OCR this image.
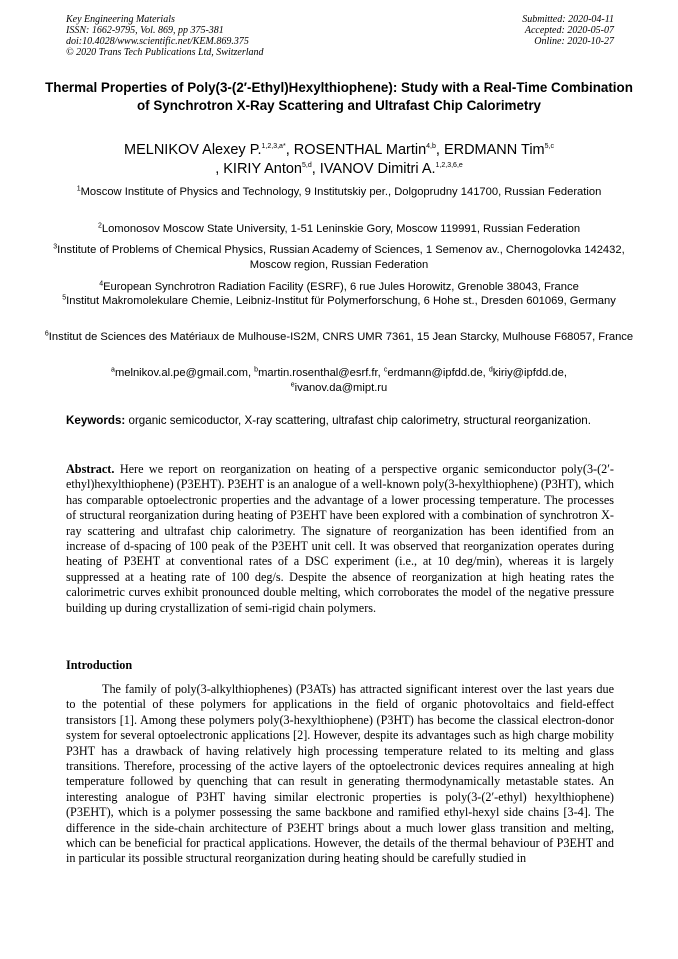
Key Engineering Materials
ISSN: 1662-9795, Vol. 869, pp 375-381
doi:10.4028/www.scientific.net/KEM.869.375
© 2020 Trans Tech Publications Ltd, Switzerland
Submitted: 2020-04-11
Accepted: 2020-05-07
Online: 2020-10-27
Thermal Properties of Poly(3-(2′-Ethyl)Hexylthiophene): Study with a Real-Time Combination of Synchrotron X-Ray Scattering and Ultrafast Chip Calorimetry
MELNIKOV Alexey P.$^{1,2,3,a*}$, ROSENTHAL Martin$^{4,b}$, ERDMANN Tim$^{5,c}$
, KIRIY Anton$^{5,d}$, IVANOV Dimitri A.$^{1,2,3,6,e}$
$^1$Moscow Institute of Physics and Technology, 9 Institutskiy per., Dolgoprudny 141700, Russian Federation
$^2$Lomonosov Moscow State University, 1-51 Leninskie Gory, Moscow 119991, Russian Federation
$^3$Institute of Problems of Chemical Physics, Russian Academy of Sciences, 1 Semenov av., Chernogolovka 142432, Moscow region, Russian Federation
$^4$European Synchrotron Radiation Facility (ESRF), 6 rue Jules Horowitz, Grenoble 38043, France
$^5$Institut Makromolekulare Chemie, Leibniz-Institut für Polymerforschung, 6 Hohe st., Dresden 601069, Germany
$^6$Institut de Sciences des Matériaux de Mulhouse-IS2M, CNRS UMR 7361, 15 Jean Starcky, Mulhouse F68057, France
$^a$melnikov.al.pe@gmail.com, $^b$martin.rosenthal@esrf.fr, $^c$erdmann@ipfdd.de, $^d$kiriy@ipfdd.de,
$^e$ivanov.da@mipt.ru
Keywords: organic semicoductor, X-ray scattering, ultrafast chip calorimetry, structural reorganization.
Abstract. Here we report on reorganization on heating of a perspective organic semiconductor poly(3-(2′-ethyl)hexylthiophene) (P3EHT). P3EHT is an analogue of a well-known poly(3-hexylthiophene) (P3HT), which has comparable optoelectronic properties and the advantage of a lower processing temperature. The processes of structural reorganization during heating of P3EHT have been explored with a combination of synchrotron X-ray scattering and ultrafast chip calorimetry. The signature of reorganization has been identified from an increase of d-spacing of 100 peak of the P3EHT unit cell. It was observed that reorganization operates during heating of P3EHT at conventional rates of a DSC experiment (i.e., at 10 deg/min), whereas it is largely suppressed at a heating rate of 100 deg/s. Despite the absence of reorganization at high heating rates the calorimetric curves exhibit pronounced double melting, which corroborates the model of the negative pressure building up during crystallization of semi-rigid chain polymers.
Introduction
The family of poly(3-alkylthiophenes) (P3ATs) has attracted significant interest over the last years due to the potential of these polymers for applications in the field of organic photovoltaics and field-effect transistors [1]. Among these polymers poly(3-hexylthiophene) (P3HT) has become the classical electron-donor system for several optoelectronic applications [2]. However, despite its advantages such as high charge mobility P3HT has a drawback of having relatively high processing temperature related to its melting and glass transitions. Therefore, processing of the active layers of the optoelectronic devices requires annealing at high temperature followed by quenching that can result in generating thermodynamically metastable states. An interesting analogue of P3HT having similar electronic properties is poly(3-(2′-ethyl) hexylthiophene) (P3EHT), which is a polymer possessing the same backbone and ramified ethyl-hexyl side chains [3-4]. The difference in the side-chain architecture of P3EHT brings about a much lower glass transition and melting, which can be beneficial for practical applications. However, the details of the thermal behaviour of P3EHT and in particular its possible structural reorganization during heating should be carefully studied in
